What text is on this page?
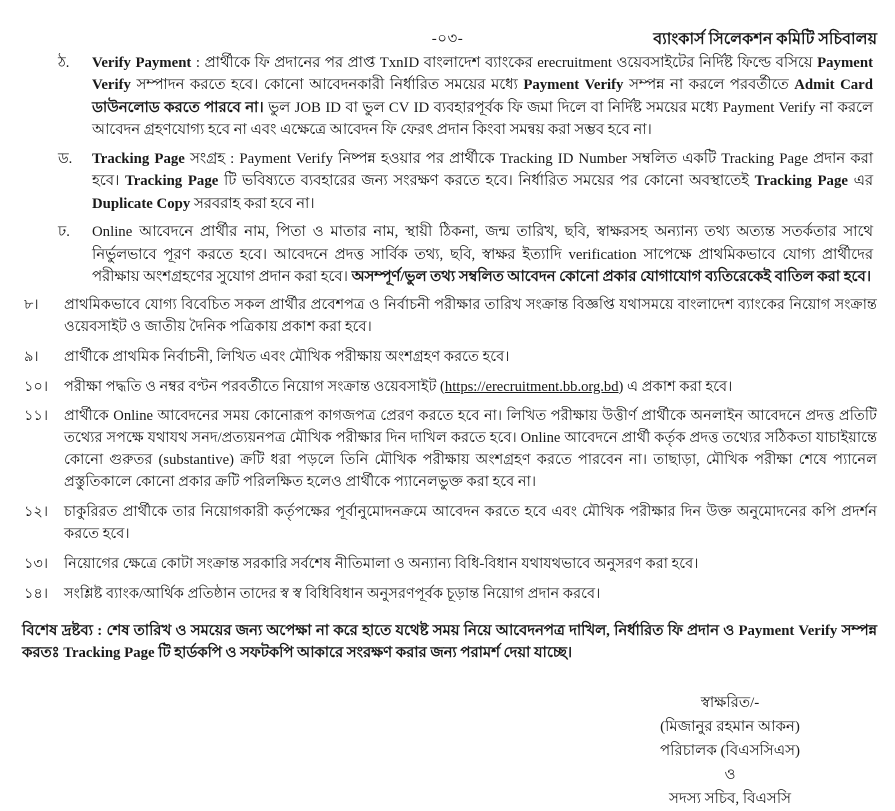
-০৩-	ব্যাংকার্স সিলেকশন কমিটি সচিবালয়
ঠ.	Verify Payment : প্রার্থীকে ফি প্রদানের পর প্রাপ্ত TxnID বাংলাদেশ ব্যাংকের erecruitment ওয়েবসাইটের নির্দিষ্ট ফিল্ডে বসিয়ে Payment Verify সম্পাদন করতে হবে। কোনো আবেদনকারী নির্ধারিত সময়ের মধ্যে Payment Verify সম্পন্ন না করলে পরবর্তীতে Admit Card ডাউনলোড করতে পারবে না। ভুল JOB ID বা ভুল CV ID ব্যবহারপূর্বক ফি জমা দিলে বা নির্দিষ্ট সময়ের মধ্যে Payment Verify না করলে আবেদন গ্রহণযোগ্য হবে না এবং এক্ষেত্রে আবেদন ফি ফেরৎ প্রদান কিংবা সমন্বয় করা সম্ভব হবে না।
ড.	Tracking Page সংগ্রহ : Payment Verify নিষ্পন্ন হওয়ার পর প্রার্থীকে Tracking ID Number সম্বলিত একটি Tracking Page প্রদান করা হবে। Tracking Page টি ভবিষ্যতে ব্যবহারের জন্য সংরক্ষণ করতে হবে। নির্ধারিত সময়ের পর কোনো অবস্থাতেই Tracking Page এর Duplicate Copy সরবরাহ করা হবে না।
ঢ.	Online আবেদনে প্রার্থীর নাম, পিতা ও মাতার নাম, স্থায়ী ঠিকনা, জন্ম তারিখ, ছবি, স্বাক্ষরসহ অন্যান্য তথ্য অত্যন্ত সতর্কতার সাথে নির্ভুলভাবে পূরণ করতে হবে। আবেদনে প্রদত্ত সার্বিক তথ্য, ছবি, স্বাক্ষর ইত্যাদি verification সাপেক্ষে প্রাথমিকভাবে যোগ্য প্রার্থীদের পরীক্ষায় অংশগ্রহণের সুযোগ প্রদান করা হবে। অসম্পূর্ণ/ভুল তথ্য সম্বলিত আবেদন কোনো প্রকার যোগাযোগ ব্যতিরেকেই বাতিল করা হবে।
৮।	প্রাথমিকভাবে যোগ্য বিবেচিত সকল প্রার্থীর প্রবেশপত্র ও নির্বাচনী পরীক্ষার তারিখ সংক্রান্ত বিজ্ঞপ্তি যথাসময়ে বাংলাদেশ ব্যাংকের নিয়োগ সংক্রান্ত ওয়েবসাইট ও জাতীয় দৈনিক পত্রিকায় প্রকাশ করা হবে।
৯।	প্রার্থীকে প্রাথমিক নির্বাচনী, লিখিত এবং মৌখিক পরীক্ষায় অংশগ্রহণ করতে হবে।
১০।	পরীক্ষা পদ্ধতি ও নম্বর বণ্টন পরবর্তীতে নিয়োগ সংক্রান্ত ওয়েবসাইট (https://erecruitment.bb.org.bd) এ প্রকাশ করা হবে।
১১।	প্রার্থীকে Online আবেদনের সময় কোনোরূপ কাগজপত্র প্রেরণ করতে হবে না। লিখিত পরীক্ষায় উত্তীর্ণ প্রার্থীকে অনলাইন আবেদনে প্রদত্ত প্রতিটি তথ্যের সপক্ষে যথাযথ সনদ/প্রত্যয়নপত্র মৌখিক পরীক্ষার দিন দাখিল করতে হবে। Online আবেদনে প্রার্থী কর্তৃক প্রদত্ত তথ্যের সঠিকতা যাচাইয়ান্তে কোনো গুরুতর (substantive) ক্রটি ধরা পড়লে তিনি মৌখিক পরীক্ষায় অংশগ্রহণ করতে পারবেন না। তাছাড়া, মৌখিক পরীক্ষা শেষে প্যানেল প্রস্তুতিকালে কোনো প্রকার ক্রটি পরিলক্ষিত হলেও প্রার্থীকে প্যানেলভুক্ত করা হবে না।
১২।	চাকুরিরত প্রার্থীকে তার নিয়োগকারী কর্তৃপক্ষের পূর্বানুমোদনক্রমে আবেদন করতে হবে এবং মৌখিক পরীক্ষার দিন উক্ত অনুমোদনের কপি প্রদর্শন করতে হবে।
১৩।	নিয়োগের ক্ষেত্রে কোটা সংক্রান্ত সরকারি সর্বশেষ নীতিমালা ও অন্যান্য বিধি-বিধান যথাযথভাবে অনুসরণ করা হবে।
১৪।	সংশ্লিষ্ট ব্যাংক/আর্থিক প্রতিষ্ঠান তাদের স্ব স্ব বিধিবিধান অনুসরণপূর্বক চূড়ান্ত নিয়োগ প্রদান করবে।
বিশেষ দ্রষ্টব্য : শেষ তারিখ ও সময়ের জন্য অপেক্ষা না করে হাতে যথেষ্ট সময় নিয়ে আবেদনপত্র দাখিল, নির্ধারিত ফি প্রদান ও Payment Verify সম্পন্ন করতঃ Tracking Page টি হার্ডকপি ও সফটকপি আকারে সংরক্ষণ করার জন্য পরামর্শ দেয়া যাচ্ছে।
স্বাক্ষরিত/-
(মিজানুর রহমান আকন)
পরিচালক (বিএসসিএস)
ও
সদস্য সচিব, বিএসসি
